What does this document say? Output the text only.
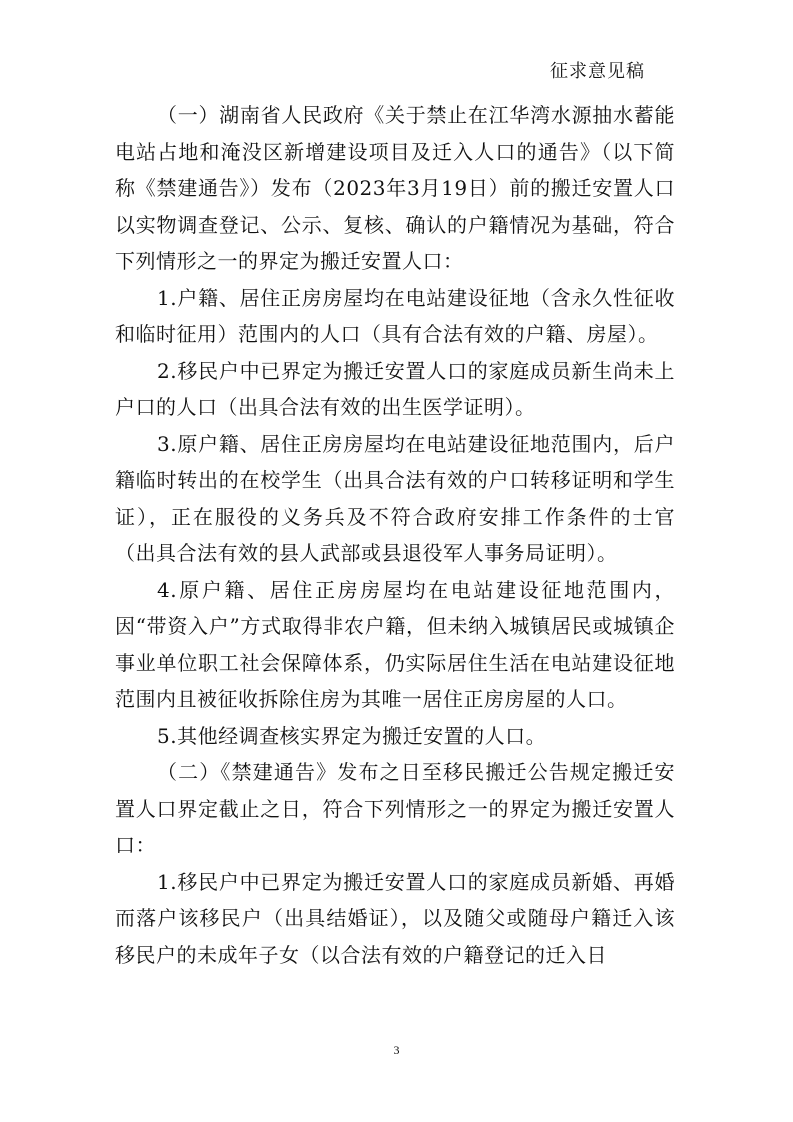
征求意见稿

（一）湖南省人民政府《关于禁止在江华湾水源抽水蓄能电站占地和淹没区新增建设项目及迁入人口的通告》（以下简称《禁建通告》）发布（2023年3月19日）前的搬迁安置人口以实物调查登记、公示、复核、确认的户籍情况为基础，符合下列情形之一的界定为搬迁安置人口：

1.户籍、居住正房房屋均在电站建设征地（含永久性征收和临时征用）范围内的人口（具有合法有效的户籍、房屋）。

2.移民户中已界定为搬迁安置人口的家庭成员新生尚未上户口的人口（出具合法有效的出生医学证明）。

3.原户籍、居住正房房屋均在电站建设征地范围内，后户籍临时转出的在校学生（出具合法有效的户口转移证明和学生证），正在服役的义务兵及不符合政府安排工作条件的士官（出具合法有效的县人武部或县退役军人事务局证明）。

4.原户籍、居住正房房屋均在电站建设征地范围内，因“带资入户”方式取得非农户籍，但未纳入城镇居民或城镇企事业单位职工社会保障体系，仍实际居住生活在电站建设征地范围内且被征收拆除住房为其唯一居住正房房屋的人口。

5.其他经调查核实界定为搬迁安置的人口。

（二）《禁建通告》发布之日至移民搬迁公告规定搬迁安置人口界定截止之日，符合下列情形之一的界定为搬迁安置人口：

1.移民户中已界定为搬迁安置人口的家庭成员新婚、再婚而落户该移民户（出具结婚证），以及随父或随母户籍迁入该移民户的未成年子女（以合法有效的户籍登记的迁入日

3
